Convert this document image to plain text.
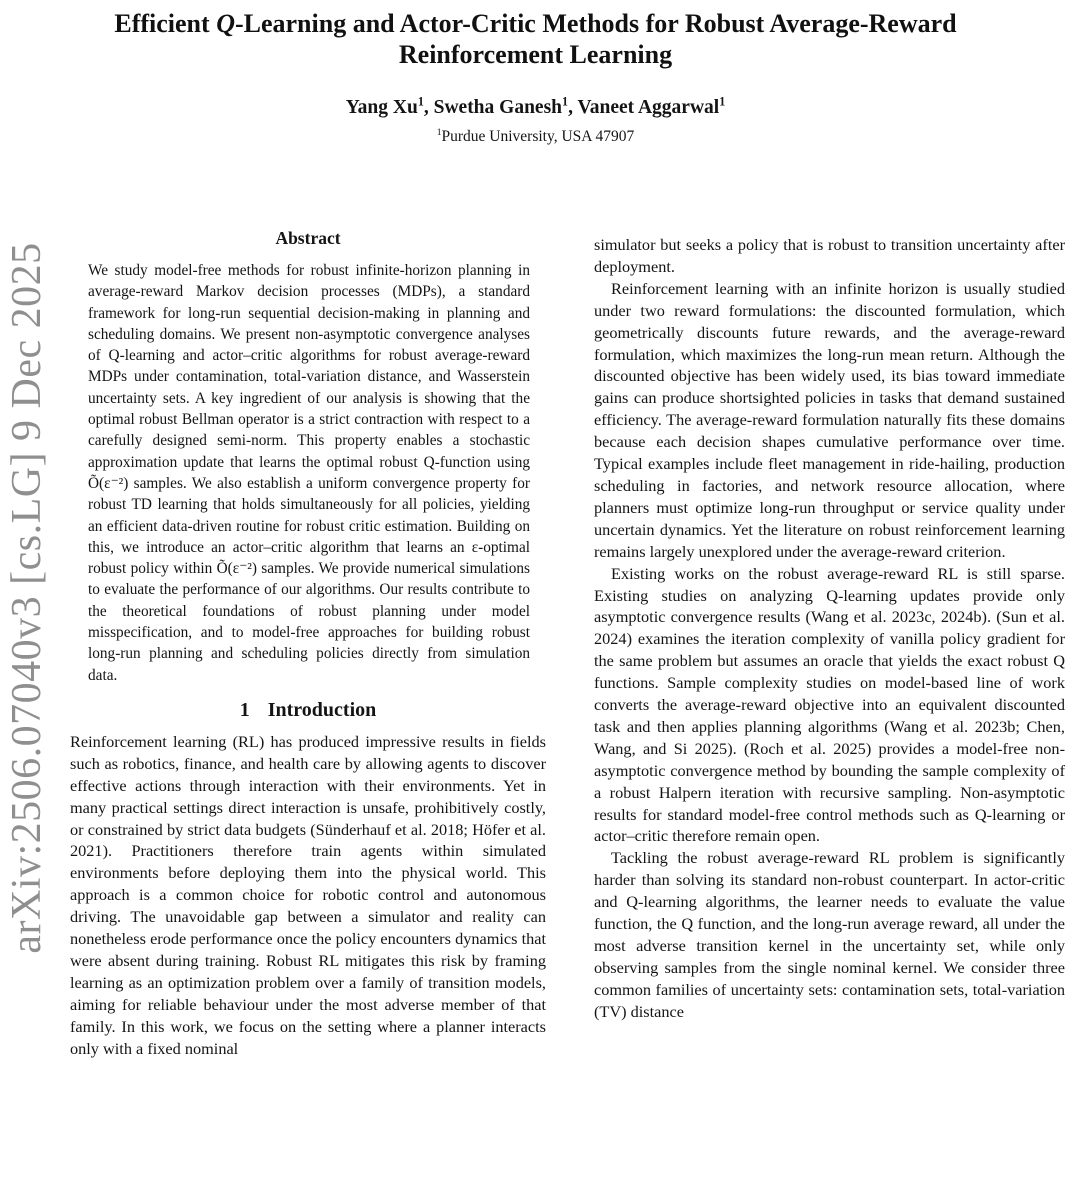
arXiv:2506.07040v3 [cs.LG] 9 Dec 2025
Efficient Q-Learning and Actor-Critic Methods for Robust Average-Reward Reinforcement Learning
Yang Xu$^1$, Swetha Ganesh$^1$, Vaneet Aggarwal$^1$
$^1$Purdue University, USA 47907
Abstract

We study model-free methods for robust infinite-horizon planning in average-reward Markov decision processes (MDPs), a standard framework for long-run sequential decision-making in planning and scheduling domains. We present non-asymptotic convergence analyses of Q-learning and actor–critic algorithms for robust average-reward MDPs under contamination, total-variation distance, and Wasserstein uncertainty sets. A key ingredient of our analysis is showing that the optimal robust Bellman operator is a strict contraction with respect to a carefully designed semi-norm. This property enables a stochastic approximation update that learns the optimal robust Q-function using Õ(ε⁻²) samples. We also establish a uniform convergence property for robust TD learning that holds simultaneously for all policies, yielding an efficient data-driven routine for robust critic estimation. Building on this, we introduce an actor–critic algorithm that learns an ε-optimal robust policy within Õ(ε⁻²) samples. We provide numerical simulations to evaluate the performance of our algorithms. Our results contribute to the theoretical foundations of robust planning under model misspecification, and to model-free approaches for building robust long-run planning and scheduling policies directly from simulation data.

1 Introduction

Reinforcement learning (RL) has produced impressive results in fields such as robotics, finance, and health care by allowing agents to discover effective actions through interaction with their environments. Yet in many practical settings direct interaction is unsafe, prohibitively costly, or constrained by strict data budgets (Sünderhauf et al. 2018; Höfer et al. 2021). Practitioners therefore train agents within simulated environments before deploying them into the physical world. This approach is a common choice for robotic control and autonomous driving. The unavoidable gap between a simulator and reality can nonetheless erode performance once the policy encounters dynamics that were absent during training. Robust RL mitigates this risk by framing learning as an optimization problem over a family of transition models, aiming for reliable behaviour under the most adverse member of that family. In this work, we focus on the setting where a planner interacts only with a fixed nominal

simulator but seeks a policy that is robust to transition uncertainty after deployment.

Reinforcement learning with an infinite horizon is usually studied under two reward formulations: the discounted formulation, which geometrically discounts future rewards, and the average-reward formulation, which maximizes the long-run mean return. Although the discounted objective has been widely used, its bias toward immediate gains can produce shortsighted policies in tasks that demand sustained efficiency. The average-reward formulation naturally fits these domains because each decision shapes cumulative performance over time. Typical examples include fleet management in ride-hailing, production scheduling in factories, and network resource allocation, where planners must optimize long-run throughput or service quality under uncertain dynamics. Yet the literature on robust reinforcement learning remains largely unexplored under the average-reward criterion.

Existing works on the robust average-reward RL is still sparse. Existing studies on analyzing Q-learning updates provide only asymptotic convergence results (Wang et al. 2023c, 2024b). (Sun et al. 2024) examines the iteration complexity of vanilla policy gradient for the same problem but assumes an oracle that yields the exact robust Q functions. Sample complexity studies on model-based line of work converts the average-reward objective into an equivalent discounted task and then applies planning algorithms (Wang et al. 2023b; Chen, Wang, and Si 2025). (Roch et al. 2025) provides a model-free non-asymptotic convergence method by bounding the sample complexity of a robust Halpern iteration with recursive sampling. Non-asymptotic results for standard model-free control methods such as Q-learning or actor–critic therefore remain open.

Tackling the robust average-reward RL problem is significantly harder than solving its standard non-robust counterpart. In actor-critic and Q-learning algorithms, the learner needs to evaluate the value function, the Q function, and the long-run average reward, all under the most adverse transition kernel in the uncertainty set, while only observing samples from the single nominal kernel. We consider three common families of uncertainty sets: contamination sets, total-variation (TV) distance
